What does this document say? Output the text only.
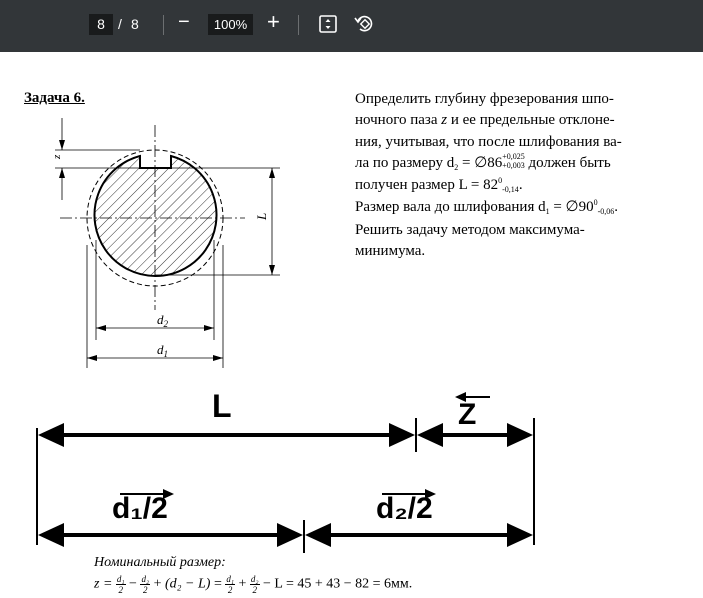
8 / 8 −	100% +
Задача 6.	Определить глубину фрезерования шпо-
ночного паза z и ее предельные отклоне-
ния, учитывая, что после шлифования ва-
ла по размеру $d_2$ = ∅86+0,025
+0,003 должен быть
получен размер $L = 82^0_{-0,14}$.
Размер вала до шлифования $d_1$ = $\emptyset 90^0_{-0,06}$.
Решить задачу методом максимума-
минимума.
z
L
$d_2$
$d_1$
L	Z
d₁/2	d₂/2
Номинальный размер:
$z = \frac{\text{d₁}}{2} - \frac{\text{d₂}}{2} + (d_2 - L) = \frac{\text{d₁}}{2} + \frac{\text{d₂}}{2} - L = 45 + 43 - 82 = 6мм$.
